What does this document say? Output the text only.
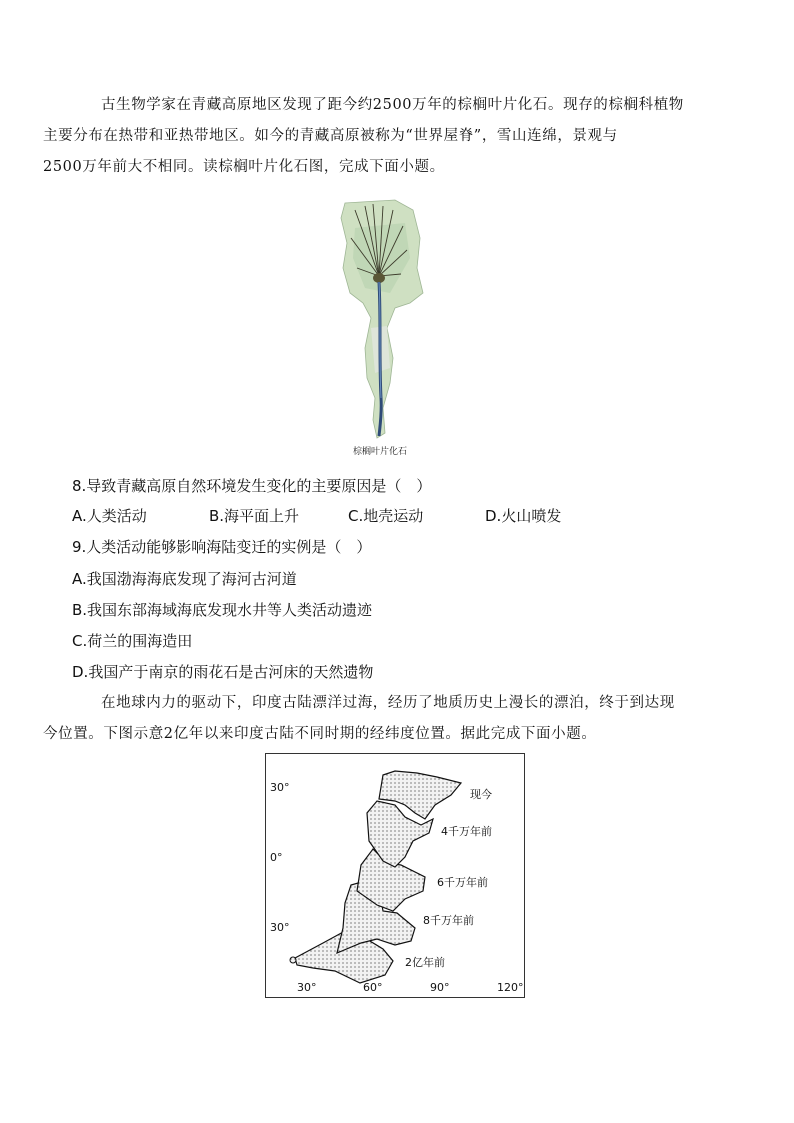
古生物学家在青藏高原地区发现了距今约2500万年的棕榈叶片化石。现存的棕榈科植物
主要分布在热带和亚热带地区。如今的青藏高原被称为“世界屋脊”，雪山连绵，景观与
2500万年前大不相同。读棕榈叶片化石图，完成下面小题。
棕榈叶片化石
8.导致青藏高原自然环境发生变化的主要原因是（　）
A.人类活动	B.海平面上升	C.地壳运动	D.火山喷发
9.人类活动能够影响海陆变迁的实例是（　）
A.我国渤海海底发现了海河古河道
B.我国东部海域海底发现水井等人类活动遗迹
C.荷兰的围海造田
D.我国产于南京的雨花石是古河床的天然遗物
在地球内力的驱动下，印度古陆漂洋过海，经历了地质历史上漫长的漂泊，终于到达现
今位置。下图示意2亿年以来印度古陆不同时期的经纬度位置。据此完成下面小题。
30°
0°
30°
30°	60°	90°	120°
现今
4千万年前
6千万年前
8千万年前
2亿年前
